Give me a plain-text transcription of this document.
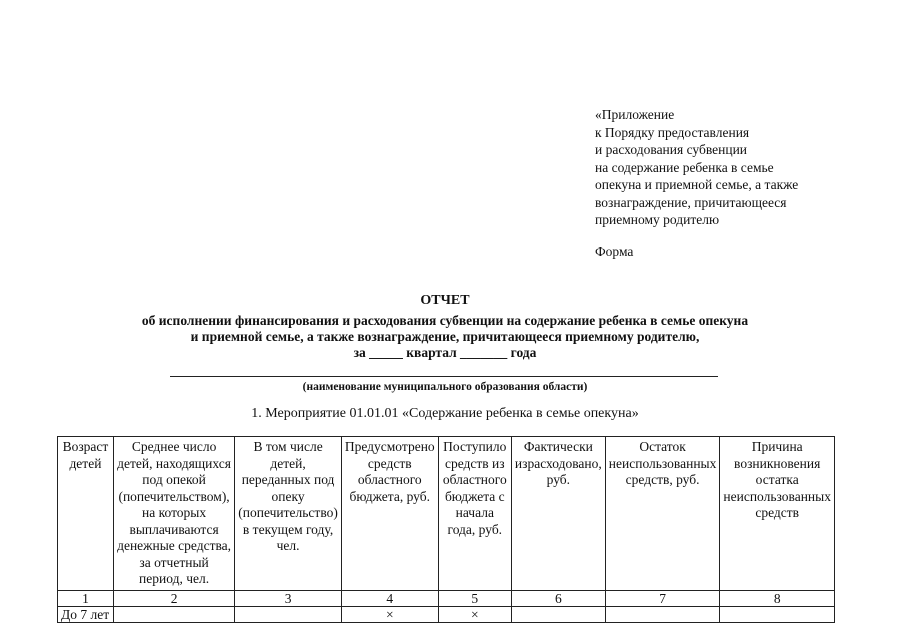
«Приложение
к Порядку предоставления
и расходования субвенции
на содержание ребенка в семье
опекуна и приемной семье, а также
вознаграждение, причитающееся
приемному родителю
Форма
ОТЧЕТ
об исполнении финансирования и расходования субвенции на содержание ребенка в семье опекуна
и приемной семье, а также вознаграждение, причитающееся приемному родителю,
за _____ квартал _______ года
(наименование муниципального образования области)
1. Мероприятие 01.01.01 «Содержание ребенка в семье опекуна»
Возраст детей	Среднее число детей, находящихся под опекой (попечительством), на которых выплачиваются денежные средства, за отчетный период, чел.	В том числе детей, переданных под опеку (попечительство) в текущем году, чел.	Предусмотрено средств областного бюджета, руб.	Поступило средств из областного бюджета с начала года, руб.	Фактически израсходовано, руб.	Остаток неиспользованных средств, руб.	Причина возникновения остатка неиспользованных средств
1	2	3	4	5	6	7	8
До 7 лет			×	×			
